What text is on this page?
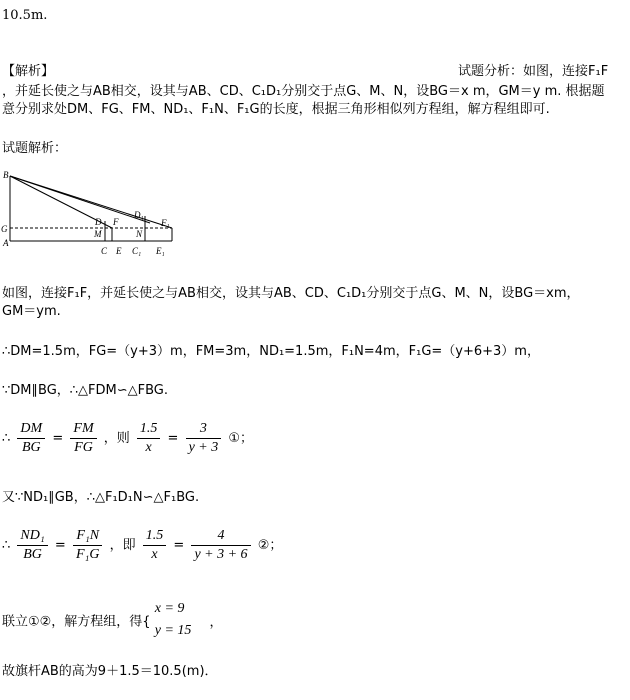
10.5m.
【解析】	试题分析：如图，连接F₁F
，并延长使之与AB相交，设其与AB、CD、C₁D₁分别交于点G、M、N，设BG＝x m，GM＝y m. 根据题
意分别求处DM、FG、FM、ND₁、F₁N、F₁G的长度，根据三角形相似列方程组，解方程组即可.
试题解析：
B
D₁
F₁
D F
G	M	N
A
C E C₁ E₁
如图，连接F₁F，并延长使之与AB相交，设其与AB、CD、C₁D₁分别交于点G、M、N，设BG＝xm，
GM＝ym.
∴DM=1.5m，FG=（y+3）m，FM=3m，ND₁=1.5m，F₁N=4m，F₁G=（y+6+3）m，
∵DM∥BG，∴△FDM∽△FBG.
∴ $\frac{DM}{BG} = \frac{FM}{FG}$ ，则 $\frac{1.5}{x} = \frac{3}{y + 3}$ ①；
又∵ND₁∥GB，∴△F₁D₁N∽△F₁BG.
∴ $\frac{\text{ND₁}}{BG} = \frac{\text{F₁N}}{\text{F₁G}}$ ，即 $\frac{1.5}{x} = \frac{4}{y + 3 + 6}$ ②；
联立①②，解方程组，得{
x = 9
y = 15
，
故旗杆AB的高为9＋1.5＝10.5(m)．
